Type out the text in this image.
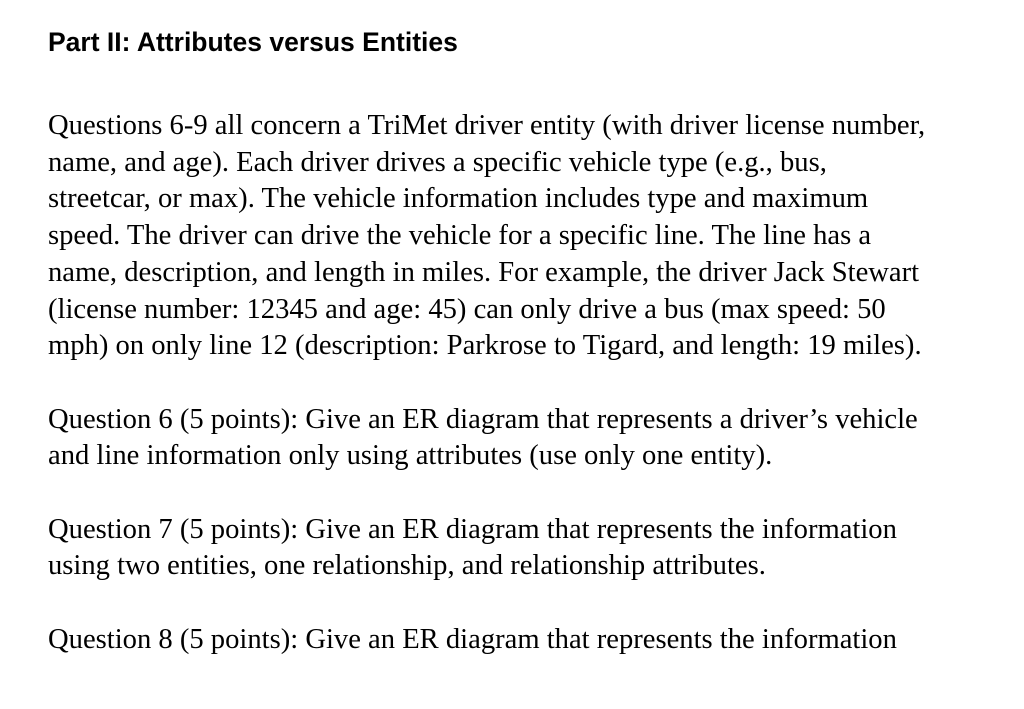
Part II: Attributes versus Entities

Questions 6-9 all concern a TriMet driver entity (with driver license number,
name, and age). Each driver drives a specific vehicle type (e.g., bus,
streetcar, or max). The vehicle information includes type and maximum
speed. The driver can drive the vehicle for a specific line. The line has a
name, description, and length in miles. For example, the driver Jack Stewart
(license number: 12345 and age: 45) can only drive a bus (max speed: 50
mph) on only line 12 (description: Parkrose to Tigard, and length: 19 miles).

Question 6 (5 points): Give an ER diagram that represents a driver’s vehicle
and line information only using attributes (use only one entity).

Question 7 (5 points): Give an ER diagram that represents the information
using two entities, one relationship, and relationship attributes.

Question 8 (5 points): Give an ER diagram that represents the information
